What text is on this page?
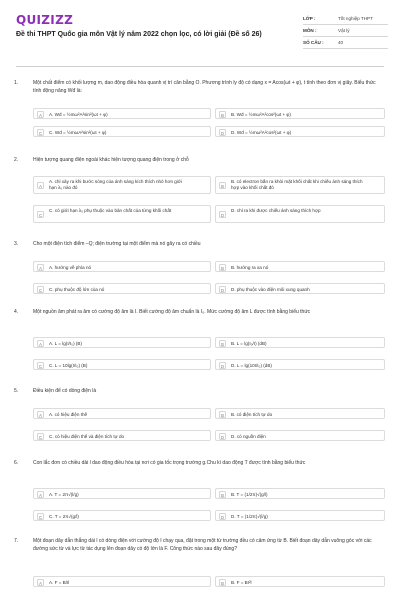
QUIZIZZ
Đề thi THPT Quốc gia môn Vật lý năm 2022 chọn lọc, có lời giải (Đề số 26)
LỚP :	Tốt nghiệp THPT
MÔN :	Vật lý
SỐ CÂU :	40
1.	Một chất điểm có khối lượng m, dao động điều hòa quanh vị trí cân bằng O. Phương trình ly độ có dạng x = Acos(ωt + φ), t tính theo đơn vị giây. Biểu thức tính động năng Wđ là:
A	A. Wđ = ½mω²A²sin²(ωt + φ)	B	B. Wđ = ½mω²A²cos²(ωt + φ)
C	C. Wđ = ½mωA²sin²(ωt + φ)	D	D. Wđ = ½mω²A²cos²(ωt + φ)
2.	Hiện tượng quang điện ngoài khác hiện tượng quang điện trong ở chỗ
A
A. chỉ xảy ra khi bước sóng của ánh sáng kích thích nhỏ hơn giới hạn λ₀ nào đó	B
B. có electron bắn ra khỏi mặt khối chất khi chiếu ánh sáng thích hợp vào khối chất đó
C
C. có giới hạn λ₀ phụ thuộc vào bản chất của từng khối chất
D
D. chỉ ra khi được chiếu ánh sáng thích hợp
3.	Cho một điện tích điểm –Q; điện trường tại một điểm mà nó gây ra có chiều
A	A. hướng về phía nó	B	B. hướng ra xa nó
C	C. phụ thuộc độ lớn của nó	D	D. phụ thuộc vào điện môi xung quanh
4.	Một nguồn âm phát ra âm có cường độ âm là I. Biết cường độ âm chuẩn là I₀. Mức cường độ âm L được tính bằng biểu thức
A	A. L = lg(I/I₀) (B)	B	B. L = lg(I₀/I) (dB)
C	C. L = 10lg(I/I₀) (B)	D	D. L = lg(10I/I₀) (dB)
5.	Điều kiện để có dòng điện là
A	A. có hiệu điện thế	B	B. có điện tích tự do
C	C. có hiệu điện thế và điện tích tự do	D	D. có nguồn điện
6.	Con lắc đơn có chiều dài l dao động điều hòa tại nơi có gia tốc trọng trường g.Chu kì dao động T được tính bằng biểu thức
A	A. T = 2π√(l/g)	B	B. T = (1/2π)√(g/l)
C	C. T = 2π√(g/l)	D	D. T = (1/2π)√(l/g)
7.	Một đoạn dây dẫn thẳng dài l có dòng điện với cường độ I chạy qua, đặt trong một từ trường đều có cảm ứng từ B. Biết đoạn dây dẫn vuông góc với các đường sức từ và lực từ tác dụng lên đoạn dây có độ lớn là F. Công thức nào sau đây đúng?
A	A. F = B/Il	B	B. F = BI²l
